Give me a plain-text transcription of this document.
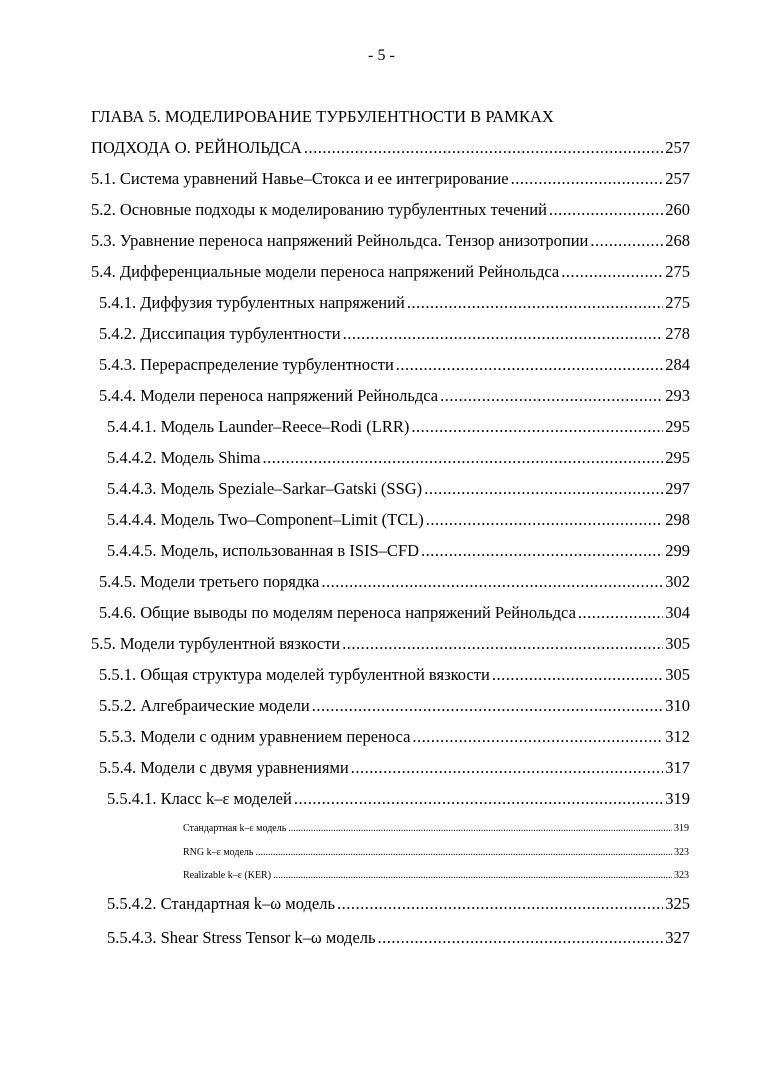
- 5 -
ГЛАВА 5. МОДЕЛИРОВАНИЕ ТУРБУЛЕНТНОСТИ В РАМКАХ
ПОДХОДА О. РЕЙНОЛЬДСА .....	257
5.1. Система уравнений Навье–Стокса и ее интегрирование .....	257
5.2. Основные подходы к моделированию турбулентных течений .....	260
5.3. Уравнение переноса напряжений Рейнольдса. Тензор анизотропии .....	268
5.4. Дифференциальные модели переноса напряжений Рейнольдса .....	275
5.4.1. Диффузия турбулентных напряжений .....	275
5.4.2. Диссипация турбулентности .....	278
5.4.3. Перераспределение турбулентности .....	284
5.4.4. Модели переноса напряжений Рейнольдса .....	293
5.4.4.1. Модель Launder–Reece–Rodi (LRR) .....	295
5.4.4.2. Модель Shima .....	295
5.4.4.3. Модель Speziale–Sarkar–Gatski (SSG) .....	297
5.4.4.4. Модель Two–Component–Limit (TCL) .....	298
5.4.4.5. Модель, использованная в ISIS–CFD .....	299
5.4.5. Модели третьего порядка .....	302
5.4.6. Общие выводы по моделям переноса напряжений Рейнольдса .....	304
5.5. Модели турбулентной вязкости .....	305
5.5.1. Общая структура моделей турбулентной вязкости .....	305
5.5.2. Алгебраические модели .....	310
5.5.3. Модели с одним уравнением переноса .....	312
5.5.4. Модели с двумя уравнениями .....	317
5.5.4.1. Класс k–ε моделей .....	319
Стандартная k–ε модель .....	319
RNG k–ε модель .....	323
Realizable k–ε (KER) .....	323
5.5.4.2. Стандартная k–ω модель .....	325
5.5.4.3. Shear Stress Tensor k–ω модель .....	327
